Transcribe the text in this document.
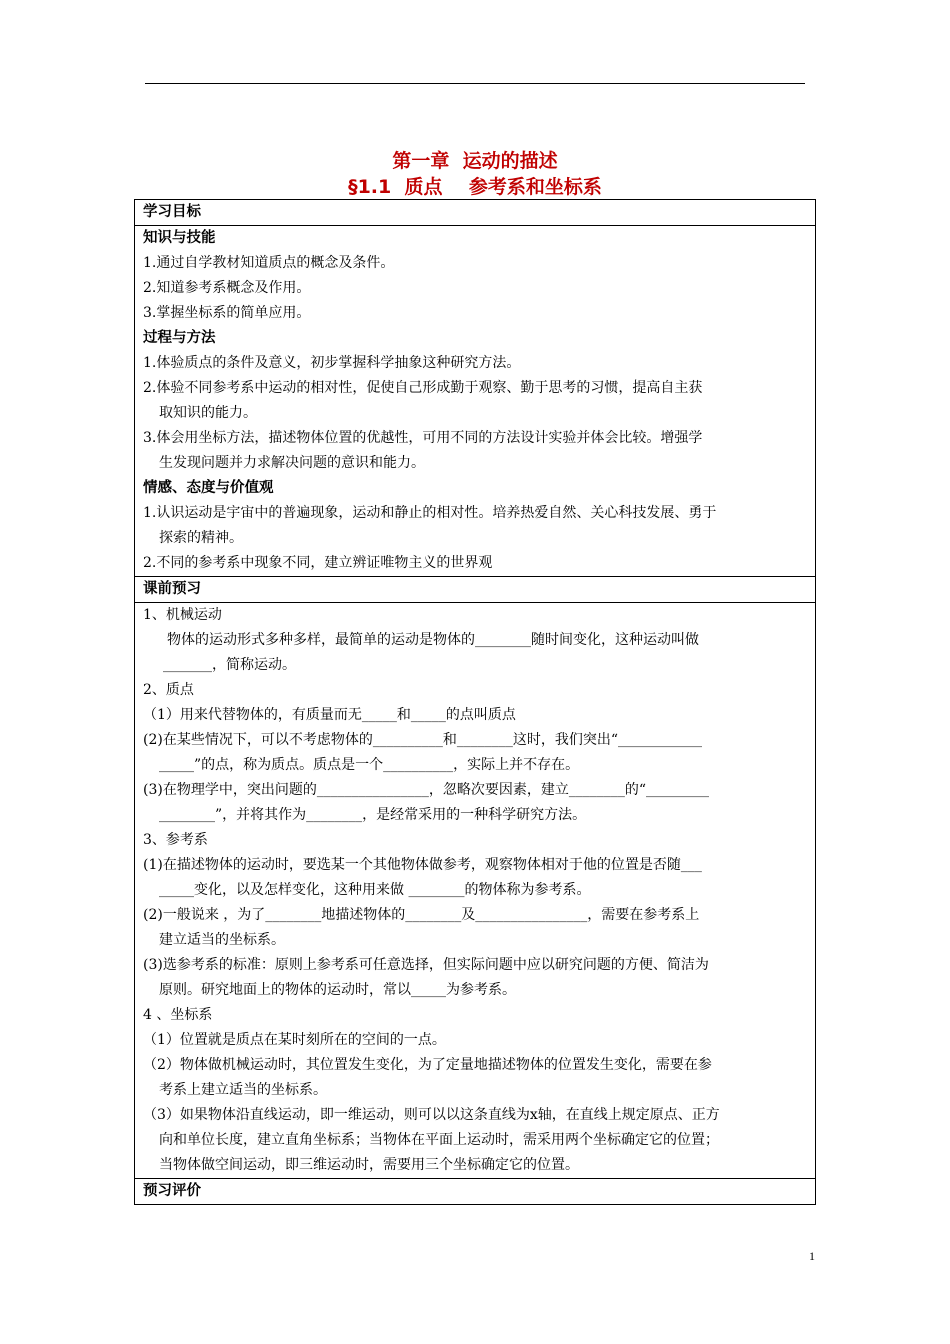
第一章  运动的描述
§1.1  质点    参考系和坐标系
学习目标

知识与技能
1.通过自学教材知道质点的概念及条件。
2.知道参考系概念及作用。
3.掌握坐标系的简单应用。
过程与方法
1.体验质点的条件及意义，初步掌握科学抽象这种研究方法。
2.体验不同参考系中运动的相对性，促使自己形成勤于观察、勤于思考的习惯，提高自主获
取知识的能力。
3.体会用坐标方法，描述物体位置的优越性，可用不同的方法设计实验并体会比较。增强学
生发现问题并力求解决问题的意识和能力。
情感、态度与价值观
1.认识运动是宇宙中的普遍现象，运动和静止的相对性。培养热爱自然、关心科技发展、勇于
探索的精神。
2.不同的参考系中现象不同，建立辨证唯物主义的世界观

课前预习

1、机械运动
物体的运动形式多种多样，最简单的运动是物体的________随时间变化，这种运动叫做
_______，简称运动。
2、质点
（1）用来代替物体的，有质量而无_____和_____的点叫质点
(2)在某些情况下，可以不考虑物体的__________和________这时，我们突出“____________
_____”的点，称为质点。质点是一个__________，实际上并不存在。
(3)在物理学中，突出问题的________________，忽略次要因素，建立________的“_________
________”，并将其作为________，是经常采用的一种科学研究方法。
3、参考系
(1)在描述物体的运动时，要选某一个其他物体做参考，观察物体相对于他的位置是否随___
_____变化，以及怎样变化，这种用来做 ________的物体称为参考系。
(2)一般说来 ，为了________地描述物体的________及________________，需要在参考系上
建立适当的坐标系。
(3)选参考系的标准：原则上参考系可任意选择，但实际问题中应以研究问题的方便、简洁为
原则。研究地面上的物体的运动时，常以_____为参考系。
4 、坐标系
（1）位置就是质点在某时刻所在的空间的一点。
（2）物体做机械运动时，其位置发生变化，为了定量地描述物体的位置发生变化，需要在参
考系上建立适当的坐标系。
（3）如果物体沿直线运动，即一维运动，则可以以这条直线为x轴，在直线上规定原点、正方
向和单位长度，建立直角坐标系；当物体在平面上运动时，需采用两个坐标确定它的位置；
当物体做空间运动，即三维运动时，需要用三个坐标确定它的位置。

预习评价
1
